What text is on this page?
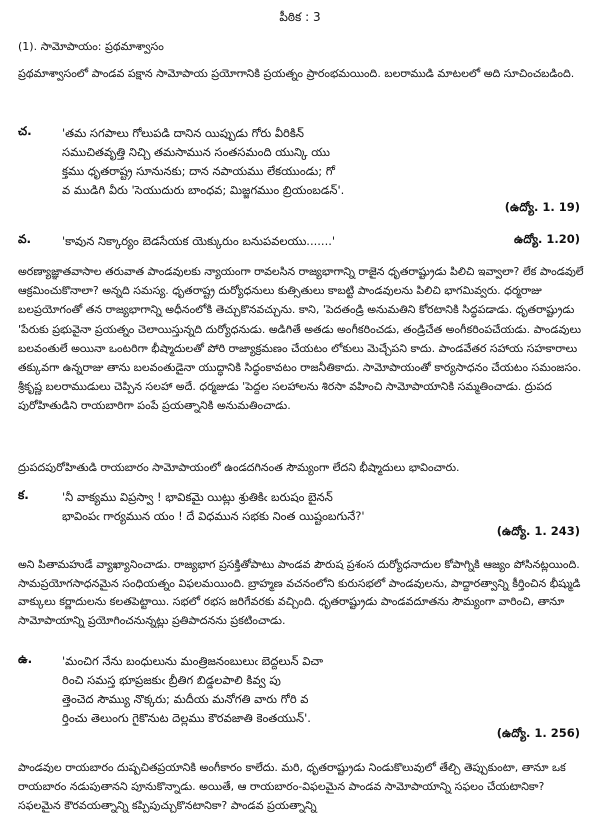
పీఠిక : 3
(1). సామోపాయం: ప్రథమాశ్వాసం
ప్రథమాశ్వాసంలో పాండవ పక్షాన సామోపాయ ప్రయోగానికి ప్రయత్నం ప్రారంభమయింది. బలరాముడి మాటలలో అది సూచించబడింది.
చ.	'తమ సగపాలు గోలుపడి దానిన యిప్పుడు గోరు వీరికిన్
సముచితవృత్తి నిచ్చి తమసామున సంతసమంది యున్కి యు
క్తము ధృతరాష్ట్ర సూనునకు; దాన నపాయము లేకయుండు; గో
వ ముడిగి వీరు 'సెయుదురు బాంధవ; మిజ్జగముం బ్రియంబడన్'.
(ఉద్యో. 1. 19)
వ.	'కావున నిక్కార్యం బెడసేయక యెక్కురుం బనుపవలయు.......'	ఉద్యో. 1.20)
అరణ్యాజ్ఞాతవాసాల తరువాత పాండవులకు న్యాయంగా రావలసిన రాజ్యభాగాన్ని రాజైన ధృతరాష్ట్రుడు పిలిచి ఇవ్వాలా? లేక పాండవులే ఆక్రమించుకొనాలా? అన్నది సమస్య. ధృతరాష్ట్ర దుర్యోధనులు కుత్సితులు కాబట్టి పాండవులను పిలిచి భాగమివ్వరు. ధర్మరాజు బలప్రయోగంతో తన రాజ్యభాగాన్ని అధీనంలోకి తెచ్చుకొనవచ్చును. కాని, 'పెదతండ్రి అనుమతిని కోరటానికి సిద్ధపడాడు. ధృతరాష్ట్రుడు 'పేరుకు ప్రభువైనా ప్రయత్నం చెలాయిస్తున్నది దుర్యోధనుడు. అడిగితే అతడు అంగీకరించడు, తండ్రిచేత అంగీకరింపచేయడు. పాండవులు బలవంతులే అయినా ఒంటరిగా భీష్మాదులతో పోరి రాజ్యాక్రమణం చేయటం లోకులు మెచ్చేపని కాదు. పాండవేతర సహాయ సహకారాలు తక్కువగా ఉన్నరాజు తాను బలవంతుడైనా యుద్ధానికి సిద్ధంకావటం రాజనీతికాదు. సామోపాయంతో కార్యసాధనం చేయటం సమంజసం. శ్రీకృష్ణ బలరాముడులు చెప్పిన సలహా అదే. ధర్మజుడు 'పెద్దల సలహాలను శిరసా వహించి సామోపాయానికి సమ్మతించాడు. ద్రుపద పురోహితుడిని రాయబారిగా పంపే ప్రయత్నానికి అనుమతించాడు.
ద్రుపదపురోహితుడి రాయబారం సామోపాయంలో ఉండదగినంత సౌమ్యంగా లేదని భీష్మాదులు భావించారు.
క.	'నీ వాక్యము విప్రస్వా ! భావికమై యిట్లు శ్రుతికిఁ బరుషం బైనన్
భావింపఁ గార్యమున యం ! దే విధమున సభకు నింత యిష్టంబగునే?'
(ఉద్యో. 1. 243)
అని పితామహుడే వ్యాఖ్యానించాడు. రాజ్యభాగ ప్రసక్తితోపాటు పాండవ పౌరుష ప్రశంస దుర్యోధనాదుల కోపాగ్నికి ఆజ్యం పోసినట్లయింది. సామప్రయోగసాధనమైన సంధియత్నం విఫలమయింది. బ్రాహ్మణ వచనంలోని కురుసభలో పాండవులను, పాద్దారత్వాన్ని కీర్తించిన భీష్ముడి వాక్కులు కర్ణాదులను కలతపెట్టాయి. సభలో రభస జరిగేవరకు వచ్చింది. ధృతరాష్ట్రుడు పాండవదూతను సౌమ్యంగా వారించి, తానూ సామోపాయాన్ని ప్రయోగించనున్నట్లు ప్రతిపాదనను ప్రకటించాడు.
ఉ.	'మంచిగ నేను బంధులును మంత్రిజనంబులుఁ బెద్దలున్ విచా
రించి సమస్త భూప్రజకుఁ బ్రీతిగ బిడ్డలపాలి కివ్వ పు
త్తెంచెద సౌమ్యు నొక్కరు; మదీయ మనోగతి వారు గోరి వ
ర్తించు తెలుంగు గైకొనుట దెల్లము కౌరవజాతి కెంతయున్'.
(ఉద్యో. 1. 256)
పాండవుల రాయబారం దుష్పచితప్రయానికి అంగీకారం కాలేదు. మరి, ధృతరాష్ట్రుడు నిండుకొలువులో తేల్చి తెప్పుకుంటా, తానూ ఒక రాయబారం నడుపుతానని పూనుకొన్నాడు. అయితే, ఆ రాయబారం-విఫలమైన పాండవ సామోపాయాన్ని సఫలం చేయటానికా? సఫలమైన కౌరవయత్నాన్ని కప్పిపుచ్చుకొనటానికా? పాండవ ప్రయత్నాన్ని
